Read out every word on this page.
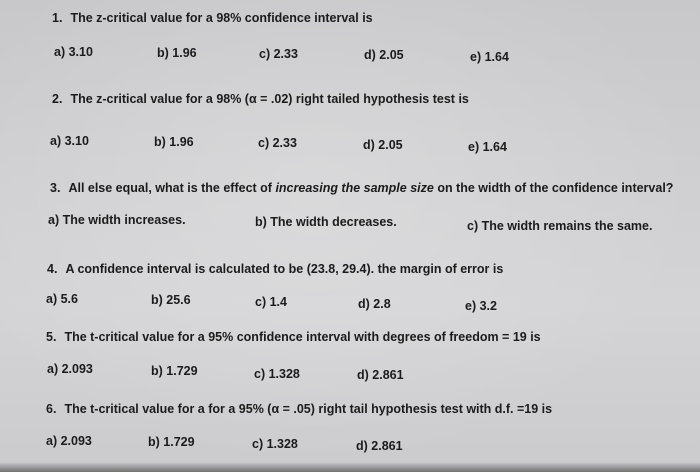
1. The z-critical value for a 98% confidence interval is
a) 3.10	b) 1.96	c) 2.33	d) 2.05	e) 1.64
2. The z-critical value for a 98% (α = .02) right tailed hypothesis test is
a) 3.10	b) 1.96	c) 2.33	d) 2.05	e) 1.64
3. All else equal, what is the effect of increasing the sample size on the width of the confidence interval?
a) The width increases.	b) The width decreases.	c) The width remains the same.
4. A confidence interval is calculated to be (23.8, 29.4). the margin of error is
a) 5.6	b) 25.6	c) 1.4	d) 2.8	e) 3.2
5. The t-critical value for a 95% confidence interval with degrees of freedom = 19 is
a) 2.093	b) 1.729	c) 1.328	d) 2.861
6. The t-critical value for a for a 95% (α = .05) right tail hypothesis test with d.f. =19 is
a) 2.093	b) 1.729	c) 1.328	d) 2.861
